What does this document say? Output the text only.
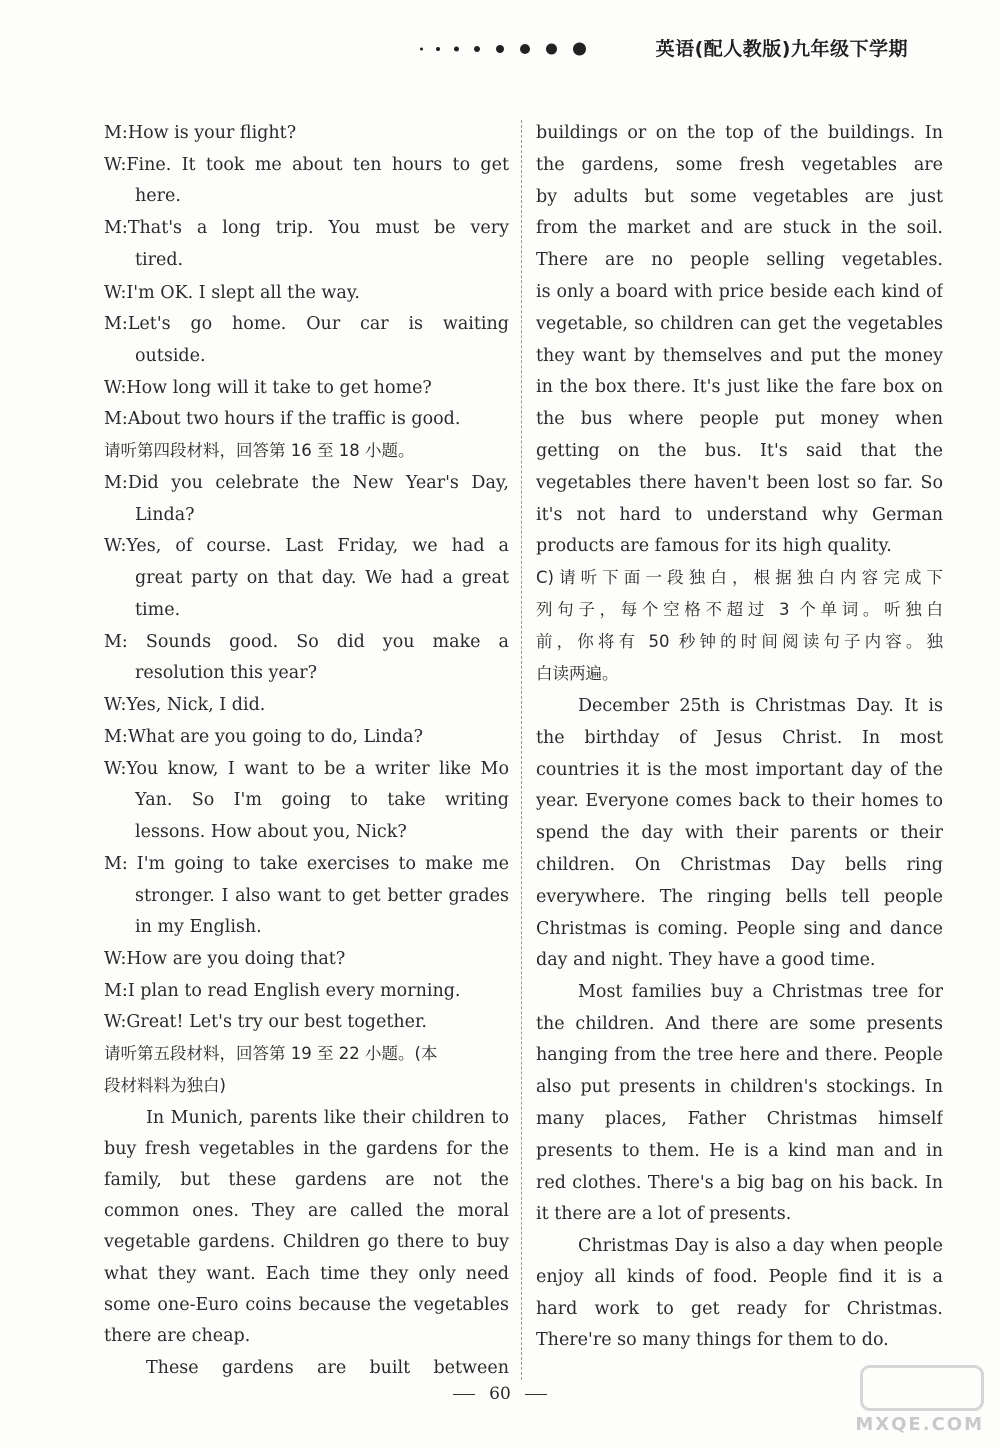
英语(配人教版)九年级下学期
M:How is your flight?
W:Fine. It took me about ten hours to get
here.
M:That's a long trip. You must be very
tired.
W:I'm OK. I slept all the way.
M:Let's go home. Our car is waiting
outside.
W:How long will it take to get home?
M:About two hours if the traffic is good.
请听第四段材料，回答第 16 至 18 小题。
M:Did you celebrate the New Year's Day,
Linda?
W:Yes, of course. Last Friday, we had a
great party on that day. We had a great
time.
M: Sounds good. So did you make a
resolution this year?
W:Yes, Nick, I did.
M:What are you going to do, Linda?
W:You know, I want to be a writer like Mo
Yan. So I'm going to take writing
lessons. How about you, Nick?
M: I'm going to take exercises to make me
stronger. I also want to get better grades
in my English.
W:How are you doing that?
M:I plan to read English every morning.
W:Great! Let's try our best together.
请听第五段材料，回答第 19 至 22 小题。(本
段材料料为独白)
In Munich, parents like their children to
buy fresh vegetables in the gardens for the
family, but these gardens are not the
common ones. They are called the moral
vegetable gardens. Children go there to buy
what they want. Each time they only need
some one-Euro coins because the vegetables
there are cheap.
These gardens are built between
buildings or on the top of the buildings. In
the gardens, some fresh vegetables are
by adults but some vegetables are just
from the market and are stuck in the soil.
There are no people selling vegetables.
is only a board with price beside each kind of
vegetable, so children can get the vegetables
they want by themselves and put the money
in the box there. It's just like the fare box on
the bus where people put money when
getting on the bus. It's said that the
vegetables there haven't been lost so far. So
it's not hard to understand why German
products are famous for its high quality.
C)请听下面一段独白，根据独白内容完成下
列句子，每个空格不超过 3 个单词。听独白
前，你将有 50 秒钟的时间阅读句子内容。独
白读两遍。
December 25th is Christmas Day. It is
the birthday of Jesus Christ. In most
countries it is the most important day of the
year. Everyone comes back to their homes to
spend the day with their parents or their
children. On Christmas Day bells ring
everywhere. The ringing bells tell people
Christmas is coming. People sing and dance
day and night. They have a good time.
Most families buy a Christmas tree for
the children. And there are some presents
hanging from the tree here and there. People
also put presents in children's stockings. In
many places, Father Christmas himself
presents to them. He is a kind man and in
red clothes. There's a big bag on his back. In
it there are a lot of presents.
Christmas Day is also a day when people
enjoy all kinds of food. People find it is a
hard work to get ready for Christmas.
There're so many things for them to do.
60
MXQE.COM
